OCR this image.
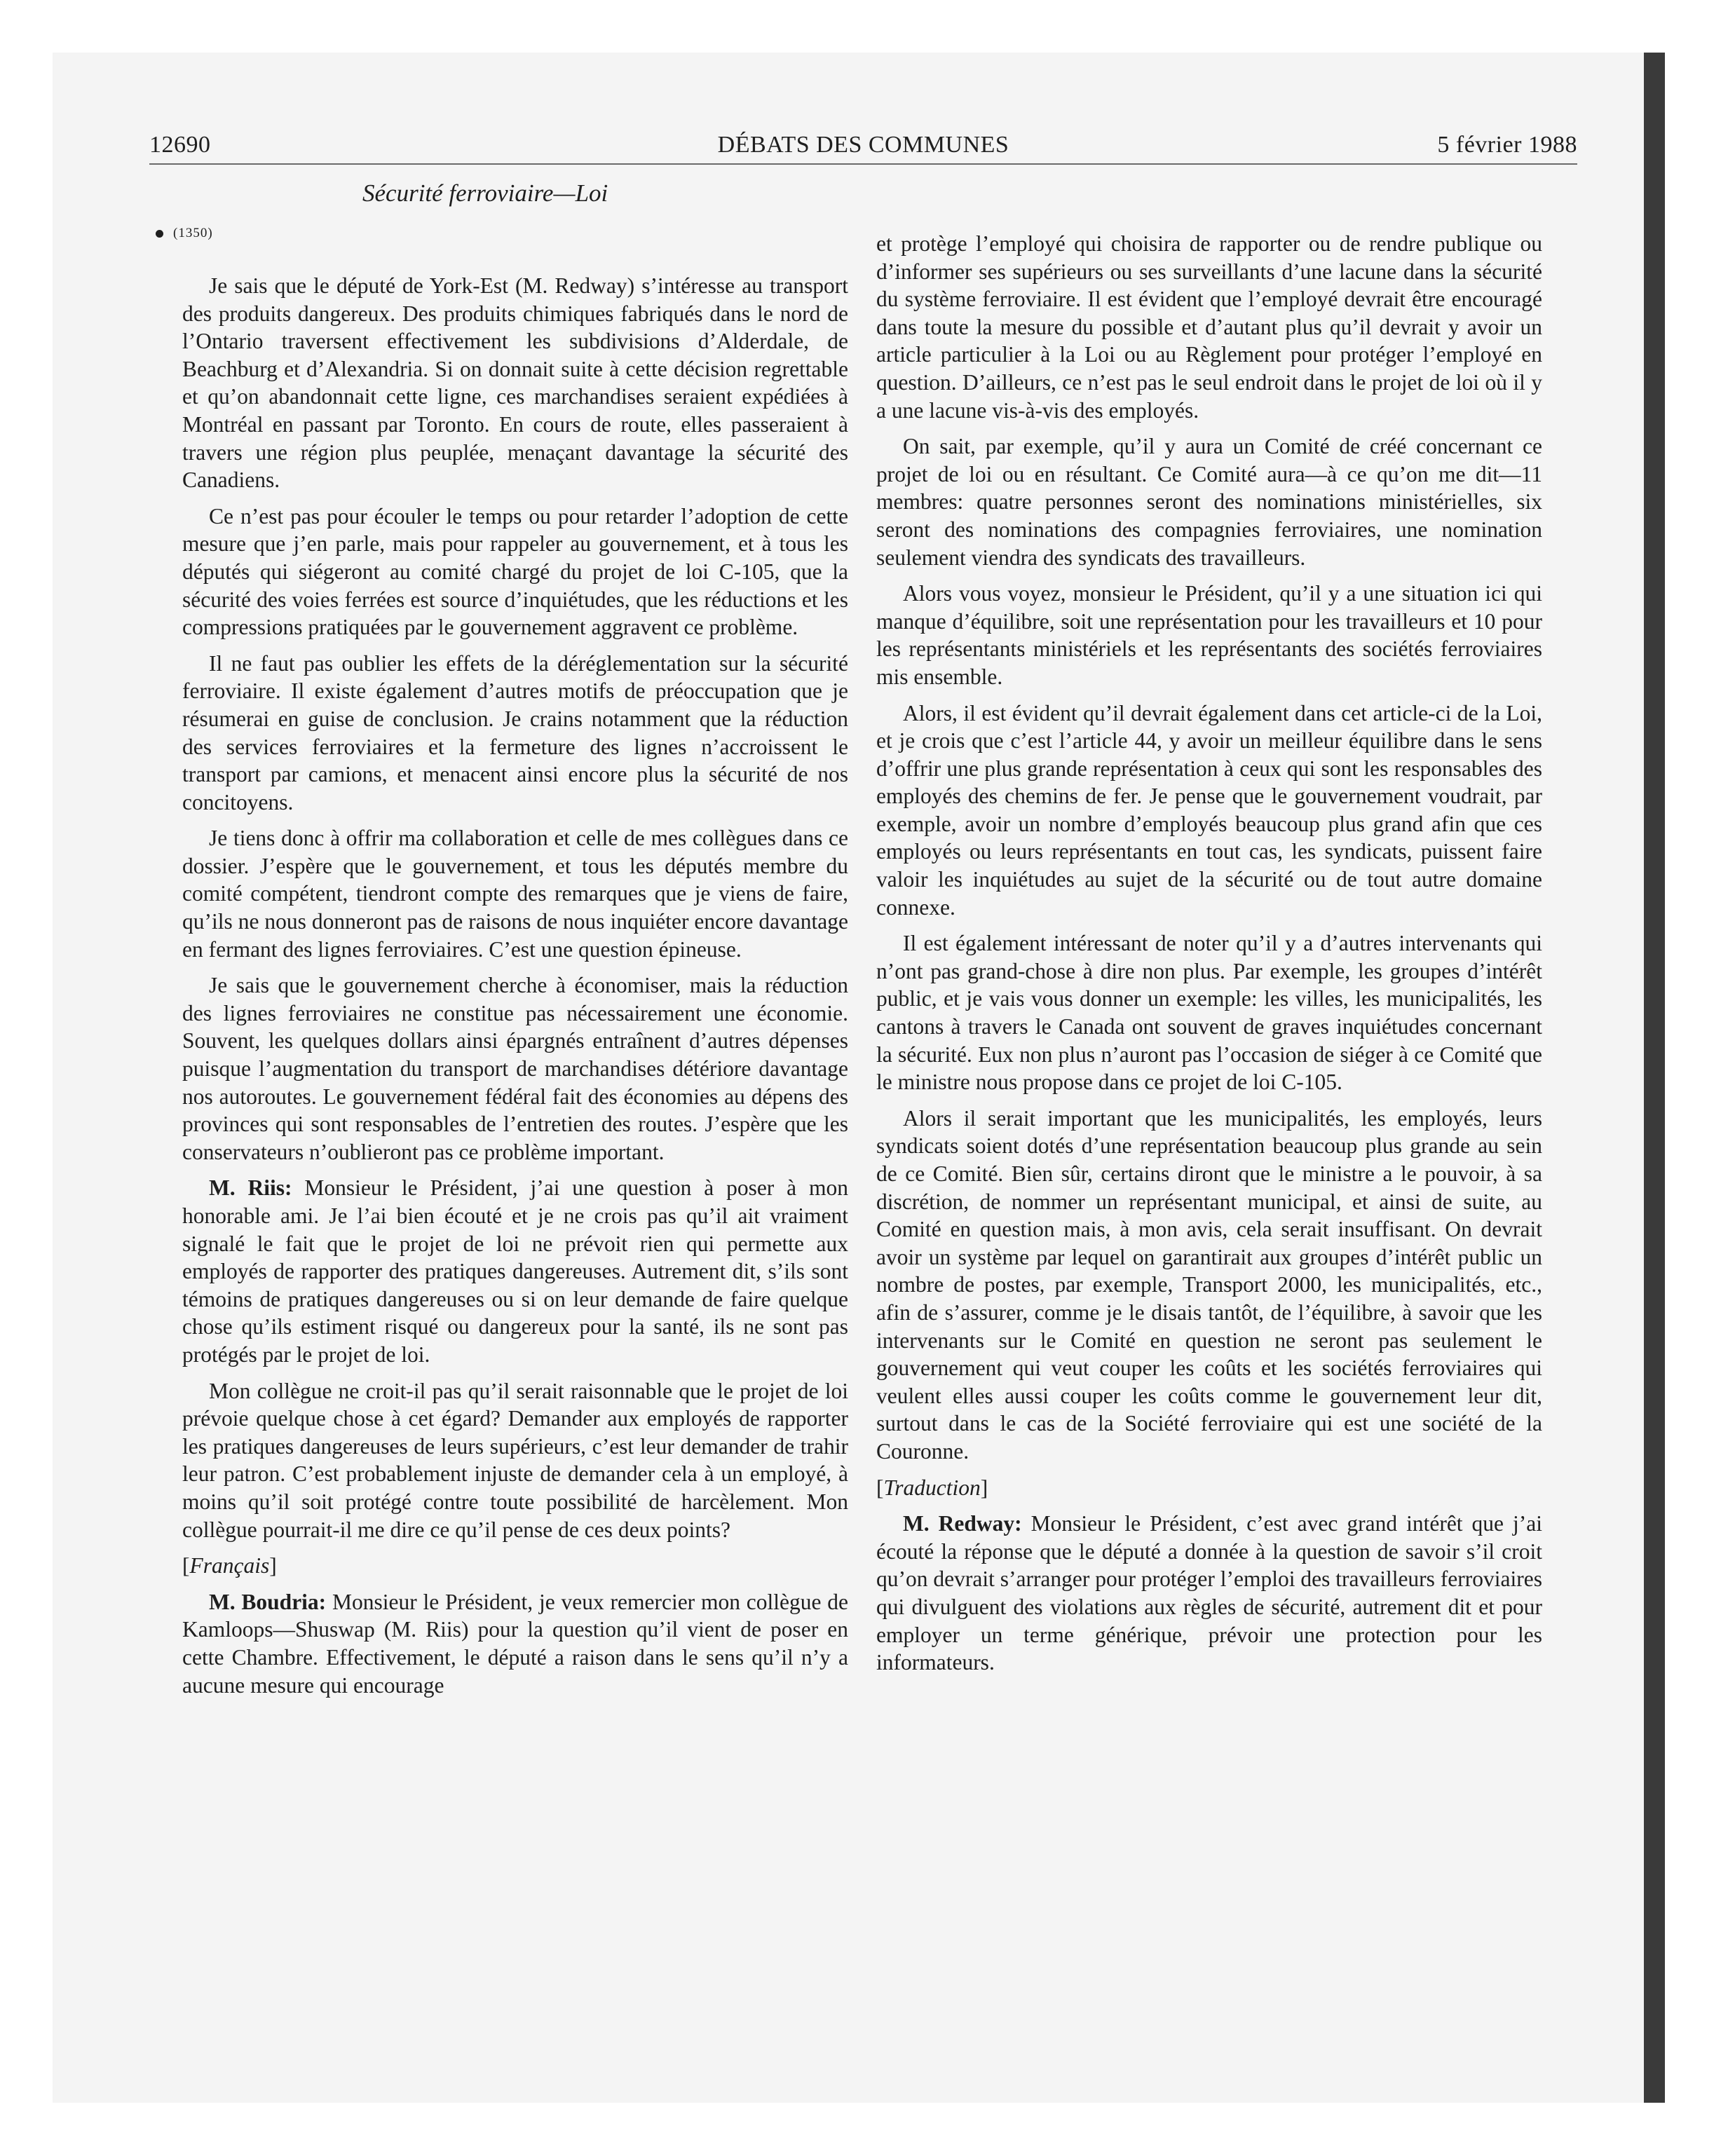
12690	DÉBATS DES COMMUNES	5 février 1988
Sécurité ferroviaire—Loi
(1350)

Je sais que le député de York-Est (M. Redway) s’intéresse au transport des produits dangereux. Des produits chimiques fabriqués dans le nord de l’Ontario traversent effectivement les subdivisions d’Alderdale, de Beachburg et d’Alexandria. Si on donnait suite à cette décision regrettable et qu’on abandonnait cette ligne, ces marchandises seraient expédiées à Montréal en passant par Toronto. En cours de route, elles passeraient à travers une région plus peuplée, menaçant davantage la sécurité des Canadiens.

Ce n’est pas pour écouler le temps ou pour retarder l’adoption de cette mesure que j’en parle, mais pour rappeler au gouvernement, et à tous les députés qui siégeront au comité chargé du projet de loi C-105, que la sécurité des voies ferrées est source d’inquiétudes, que les réductions et les compressions pratiquées par le gouvernement aggravent ce problème.

Il ne faut pas oublier les effets de la déréglementation sur la sécurité ferroviaire. Il existe également d’autres motifs de préoccupation que je résumerai en guise de conclusion. Je crains notamment que la réduction des services ferroviaires et la fermeture des lignes n’accroissent le transport par camions, et menacent ainsi encore plus la sécurité de nos concitoyens.

Je tiens donc à offrir ma collaboration et celle de mes collègues dans ce dossier. J’espère que le gouvernement, et tous les députés membre du comité compétent, tiendront compte des remarques que je viens de faire, qu’ils ne nous donneront pas de raisons de nous inquiéter encore davantage en fermant des lignes ferroviaires. C’est une question épineuse.

Je sais que le gouvernement cherche à économiser, mais la réduction des lignes ferroviaires ne constitue pas nécessairement une économie. Souvent, les quelques dollars ainsi épargnés entraînent d’autres dépenses puisque l’augmentation du transport de marchandises détériore davantage nos autoroutes. Le gouvernement fédéral fait des économies au dépens des provinces qui sont responsables de l’entretien des routes. J’espère que les conservateurs n’oublieront pas ce problème important.

M. Riis: Monsieur le Président, j’ai une question à poser à mon honorable ami. Je l’ai bien écouté et je ne crois pas qu’il ait vraiment signalé le fait que le projet de loi ne prévoit rien qui permette aux employés de rapporter des pratiques dangereuses. Autrement dit, s’ils sont témoins de pratiques dangereuses ou si on leur demande de faire quelque chose qu’ils estiment risqué ou dangereux pour la santé, ils ne sont pas protégés par le projet de loi.

Mon collègue ne croit-il pas qu’il serait raisonnable que le projet de loi prévoie quelque chose à cet égard? Demander aux employés de rapporter les pratiques dangereuses de leurs supérieurs, c’est leur demander de trahir leur patron. C’est probablement injuste de demander cela à un employé, à moins qu’il soit protégé contre toute possibilité de harcèlement. Mon collègue pourrait-il me dire ce qu’il pense de ces deux points?

[Français]

M. Boudria: Monsieur le Président, je veux remercier mon collègue de Kamloops—Shuswap (M. Riis) pour la question qu’il vient de poser en cette Chambre. Effectivement, le député a raison dans le sens qu’il n’y a aucune mesure qui encourage

et protège l’employé qui choisira de rapporter ou de rendre publique ou d’informer ses supérieurs ou ses surveillants d’une lacune dans la sécurité du système ferroviaire. Il est évident que l’employé devrait être encouragé dans toute la mesure du possible et d’autant plus qu’il devrait y avoir un article particulier à la Loi ou au Règlement pour protéger l’employé en question. D’ailleurs, ce n’est pas le seul endroit dans le projet de loi où il y a une lacune vis-à-vis des employés.

On sait, par exemple, qu’il y aura un Comité de créé concernant ce projet de loi ou en résultant. Ce Comité aura—à ce qu’on me dit—11 membres: quatre personnes seront des nominations ministérielles, six seront des nominations des compagnies ferroviaires, une nomination seulement viendra des syndicats des travailleurs.

Alors vous voyez, monsieur le Président, qu’il y a une situation ici qui manque d’équilibre, soit une représentation pour les travailleurs et 10 pour les représentants ministériels et les représentants des sociétés ferroviaires mis ensemble.

Alors, il est évident qu’il devrait également dans cet article-ci de la Loi, et je crois que c’est l’article 44, y avoir un meilleur équilibre dans le sens d’offrir une plus grande représentation à ceux qui sont les responsables des employés des chemins de fer. Je pense que le gouvernement voudrait, par exemple, avoir un nombre d’employés beaucoup plus grand afin que ces employés ou leurs représentants en tout cas, les syndicats, puissent faire valoir les inquiétudes au sujet de la sécurité ou de tout autre domaine connexe.

Il est également intéressant de noter qu’il y a d’autres intervenants qui n’ont pas grand-chose à dire non plus. Par exemple, les groupes d’intérêt public, et je vais vous donner un exemple: les villes, les municipalités, les cantons à travers le Canada ont souvent de graves inquiétudes concernant la sécurité. Eux non plus n’auront pas l’occasion de siéger à ce Comité que le ministre nous propose dans ce projet de loi C-105.

Alors il serait important que les municipalités, les employés, leurs syndicats soient dotés d’une représentation beaucoup plus grande au sein de ce Comité. Bien sûr, certains diront que le ministre a le pouvoir, à sa discrétion, de nommer un représentant municipal, et ainsi de suite, au Comité en question mais, à mon avis, cela serait insuffisant. On devrait avoir un système par lequel on garantirait aux groupes d’intérêt public un nombre de postes, par exemple, Transport 2000, les municipalités, etc., afin de s’assurer, comme je le disais tantôt, de l’équilibre, à savoir que les intervenants sur le Comité en question ne seront pas seulement le gouvernement qui veut couper les coûts et les sociétés ferroviaires qui veulent elles aussi couper les coûts comme le gouvernement leur dit, surtout dans le cas de la Société ferroviaire qui est une société de la Couronne.

[Traduction]

M. Redway: Monsieur le Président, c’est avec grand intérêt que j’ai écouté la réponse que le député a donnée à la question de savoir s’il croit qu’on devrait s’arranger pour protéger l’emploi des travailleurs ferroviaires qui divulguent des violations aux règles de sécurité, autrement dit et pour employer un terme générique, prévoir une protection pour les informateurs.
